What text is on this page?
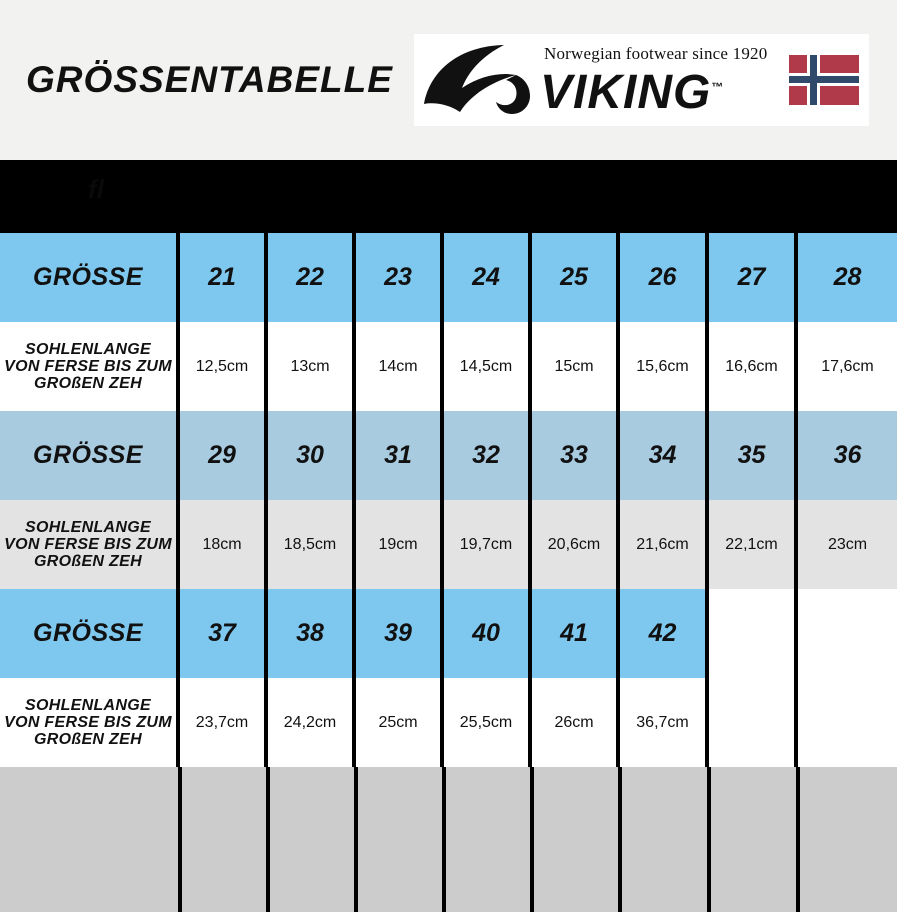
GRÖSSENTABELLE
Norwegian footwear since 1920
VIKING™
ﬂ
GRÖSSE	21	22	23	24	25	26	27	28

SOHLENLANGE
VON FERSE BIS ZUM
GROßEN ZEH	12,5cm	13cm	14cm	14,5cm	15cm	15,6cm	16,6cm	17,6cm
GRÖSSE	29	30	31	32	33	34	35	36

SOHLENLANGE
VON FERSE BIS ZUM
GROßEN ZEH	18cm	18,5cm	19cm	19,7cm	20,6cm	21,6cm	22,1cm	23cm
GRÖSSE	37	38	39	40	41	42		

SOHLENLANGE
VON FERSE BIS ZUM
GROßEN ZEH	23,7cm	24,2cm	25cm	25,5cm	26cm	36,7cm		
